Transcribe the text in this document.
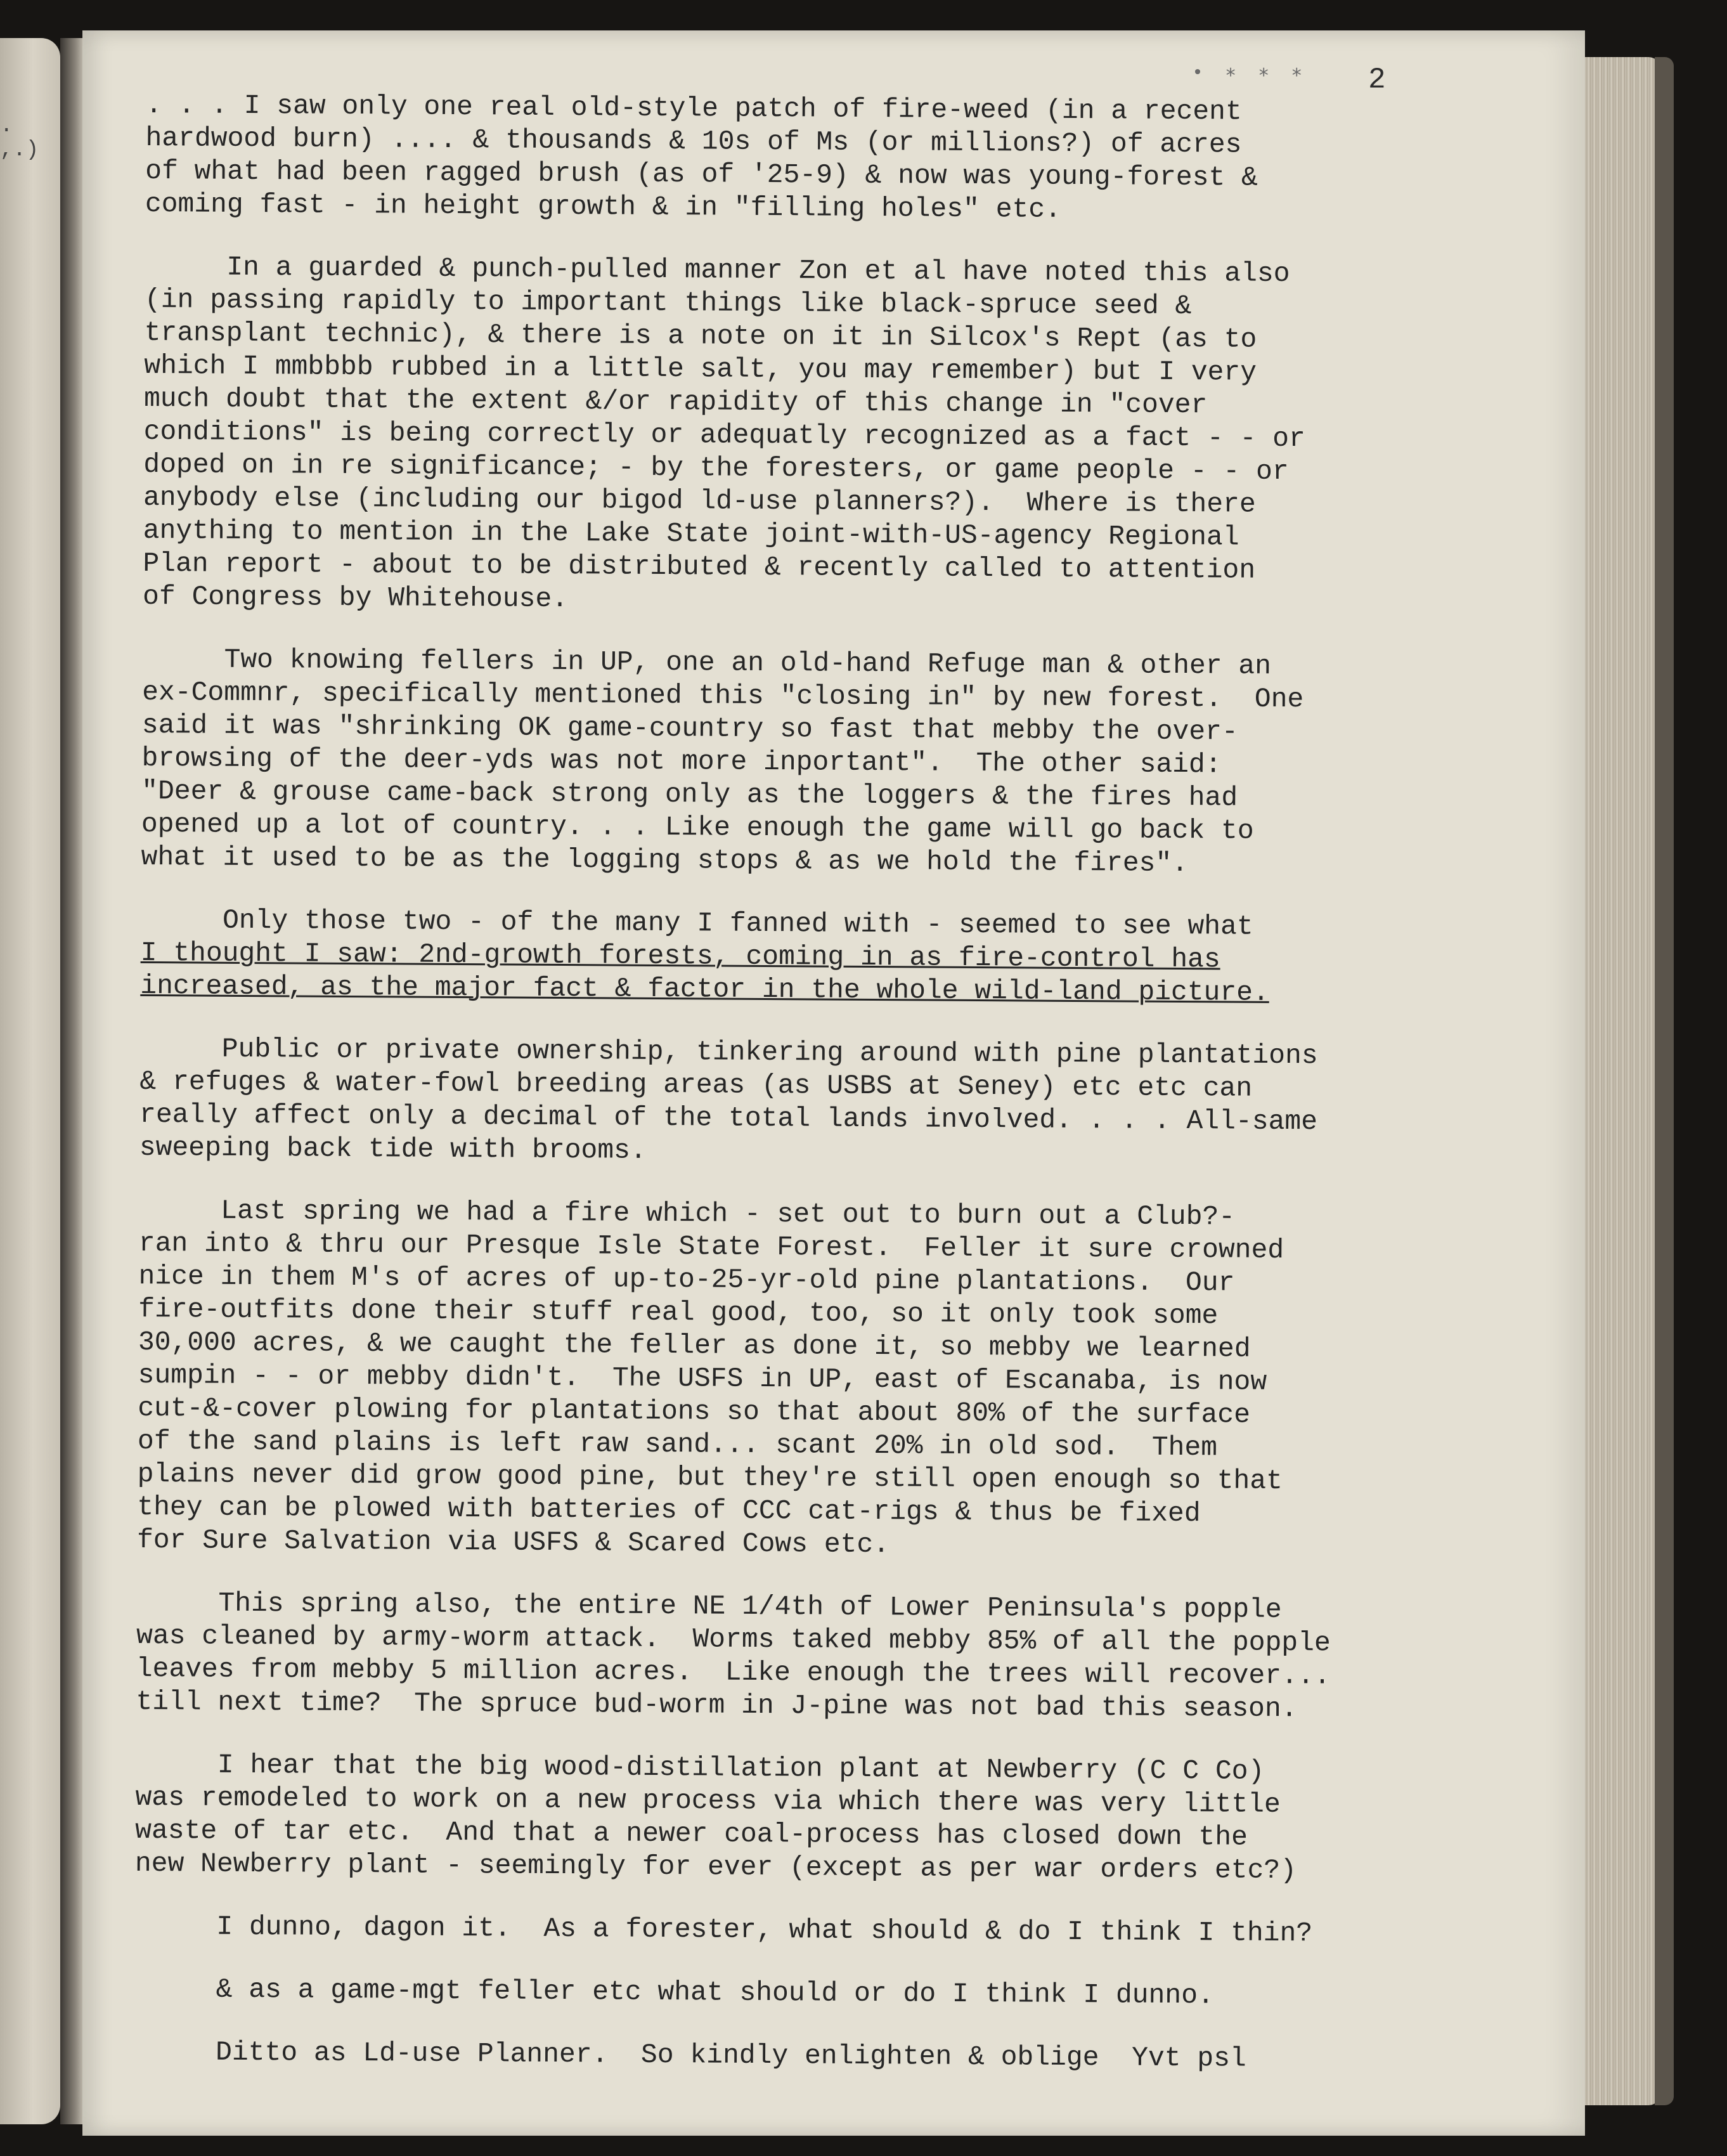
. ,.)
• ∗ ∗ ∗ 2
. . . I saw only one real old-style patch of fire-weed (in a recent
hardwood burn) .... & thousands & 10s of Ms (or millions?) of acres
of what had been ragged brush (as of '25-9) & now was young-forest &
coming fast - in height growth & in "filling holes" etc.
In a guarded & punch-pulled manner Zon et al have noted this also
(in passing rapidly to important things like black-spruce seed &
transplant technic), & there is a note on it in Silcox's Rept (as to
which I mmbbbb rubbed in a little salt, you may remember) but I very
much doubt that the extent &/or rapidity of this change in "cover
conditions" is being correctly or adequatly recognized as a fact - - or
doped on in re significance; - by the foresters, or game people - - or
anybody else (including our bigod ld-use planners?).  Where is there
anything to mention in the Lake State joint-with-US-agency Regional
Plan report - about to be distributed & recently called to attention
of Congress by Whitehouse.
Two knowing fellers in UP, one an old-hand Refuge man & other an
ex-Commnr, specifically mentioned this "closing in" by new forest.  One
said it was "shrinking OK game-country so fast that mebby the over-
browsing of the deer-yds was not more inportant".  The other said:
"Deer & grouse came-back strong only as the loggers & the fires had
opened up a lot of country. . . Like enough the game will go back to
what it used to be as the logging stops & as we hold the fires".
Only those two - of the many I fanned with - seemed to see what
I thought I saw: 2nd-growth forests, coming in as fire-control has
increased, as the major fact & factor in the whole wild-land picture.
Public or private ownership, tinkering around with pine plantations
& refuges & water-fowl breeding areas (as USBS at Seney) etc etc can
really affect only a decimal of the total lands involved. . . . All-same
sweeping back tide with brooms.
Last spring we had a fire which - set out to burn out a Club?-
ran into & thru our Presque Isle State Forest.  Feller it sure crowned
nice in them M's of acres of up-to-25-yr-old pine plantations.  Our
fire-outfits done their stuff real good, too, so it only took some
30,000 acres, & we caught the feller as done it, so mebby we learned
sumpin - - or mebby didn't.  The USFS in UP, east of Escanaba, is now
cut-&-cover plowing for plantations so that about 80% of the surface
of the sand plains is left raw sand... scant 20% in old sod.  Them
plains never did grow good pine, but they're still open enough so that
they can be plowed with batteries of CCC cat-rigs & thus be fixed
for Sure Salvation via USFS & Scared Cows etc.
This spring also, the entire NE 1/4th of Lower Peninsula's popple
was cleaned by army-worm attack.  Worms taked mebby 85% of all the popple
leaves from mebby 5 million acres.  Like enough the trees will recover...
till next time?  The spruce bud-worm in J-pine was not bad this season.
I hear that the big wood-distillation plant at Newberry (C C Co)
was remodeled to work on a new process via which there was very little
waste of tar etc.  And that a newer coal-process has closed down the
new Newberry plant - seemingly for ever (except as per war orders etc?)
I dunno, dagon it.  As a forester, what should & do I think I thin?
& as a game-mgt feller etc what should or do I think I dunno.
Ditto as Ld-use Planner.  So kindly enlighten & oblige  Yvt psl
